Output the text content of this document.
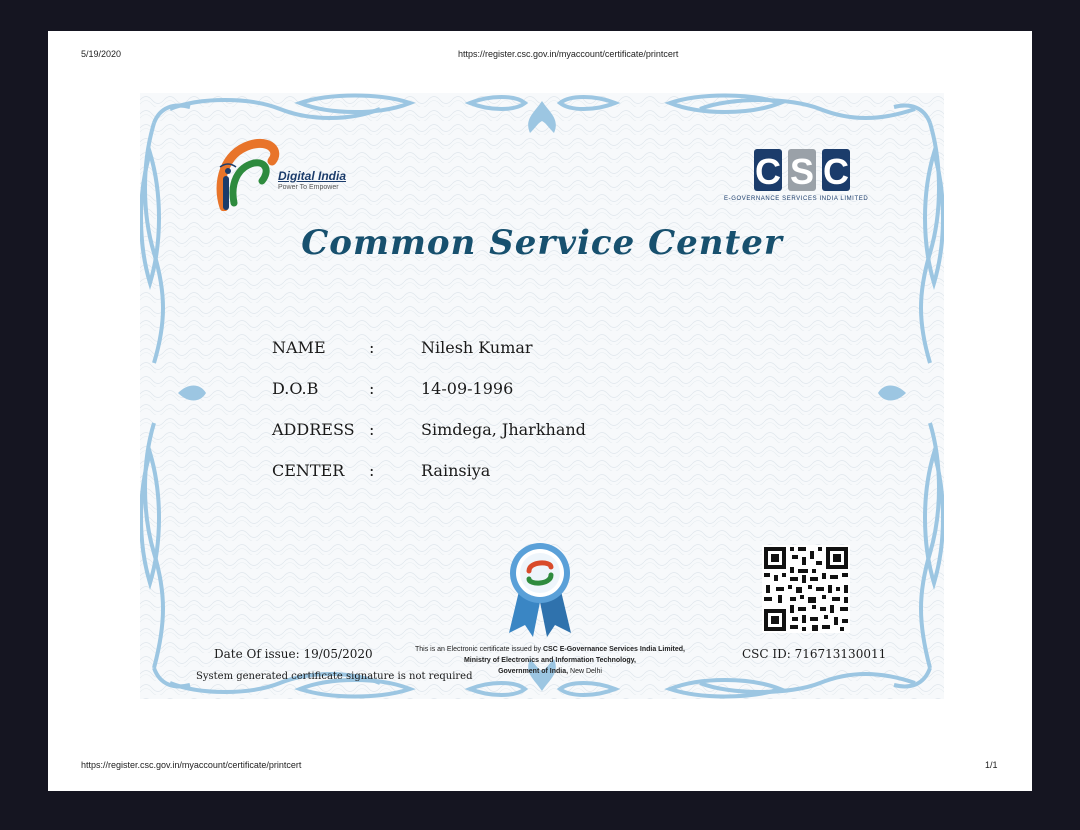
5/19/2020	https://register.csc.gov.in/myaccount/certificate/printcert
Digital India
Power To Empower	C S C
E-GOVERNANCE SERVICES INDIA LIMITED
Common Service Center
NAME	:	Nilesh Kumar
D.O.B	:	14-09-1996
ADDRESS :	Simdega, Jharkhand
CENTER :	Rainsiya
Date Of issue: 19/05/2020
System generated certificate signature is not required
This is an Electronic certificate issued by CSC E-Governance Services India Limited,
Ministry of Electronics and Information Technology,
Government of India, New Delhi
CSC ID: 716713130011
https://register.csc.gov.in/myaccount/certificate/printcert	1/1
